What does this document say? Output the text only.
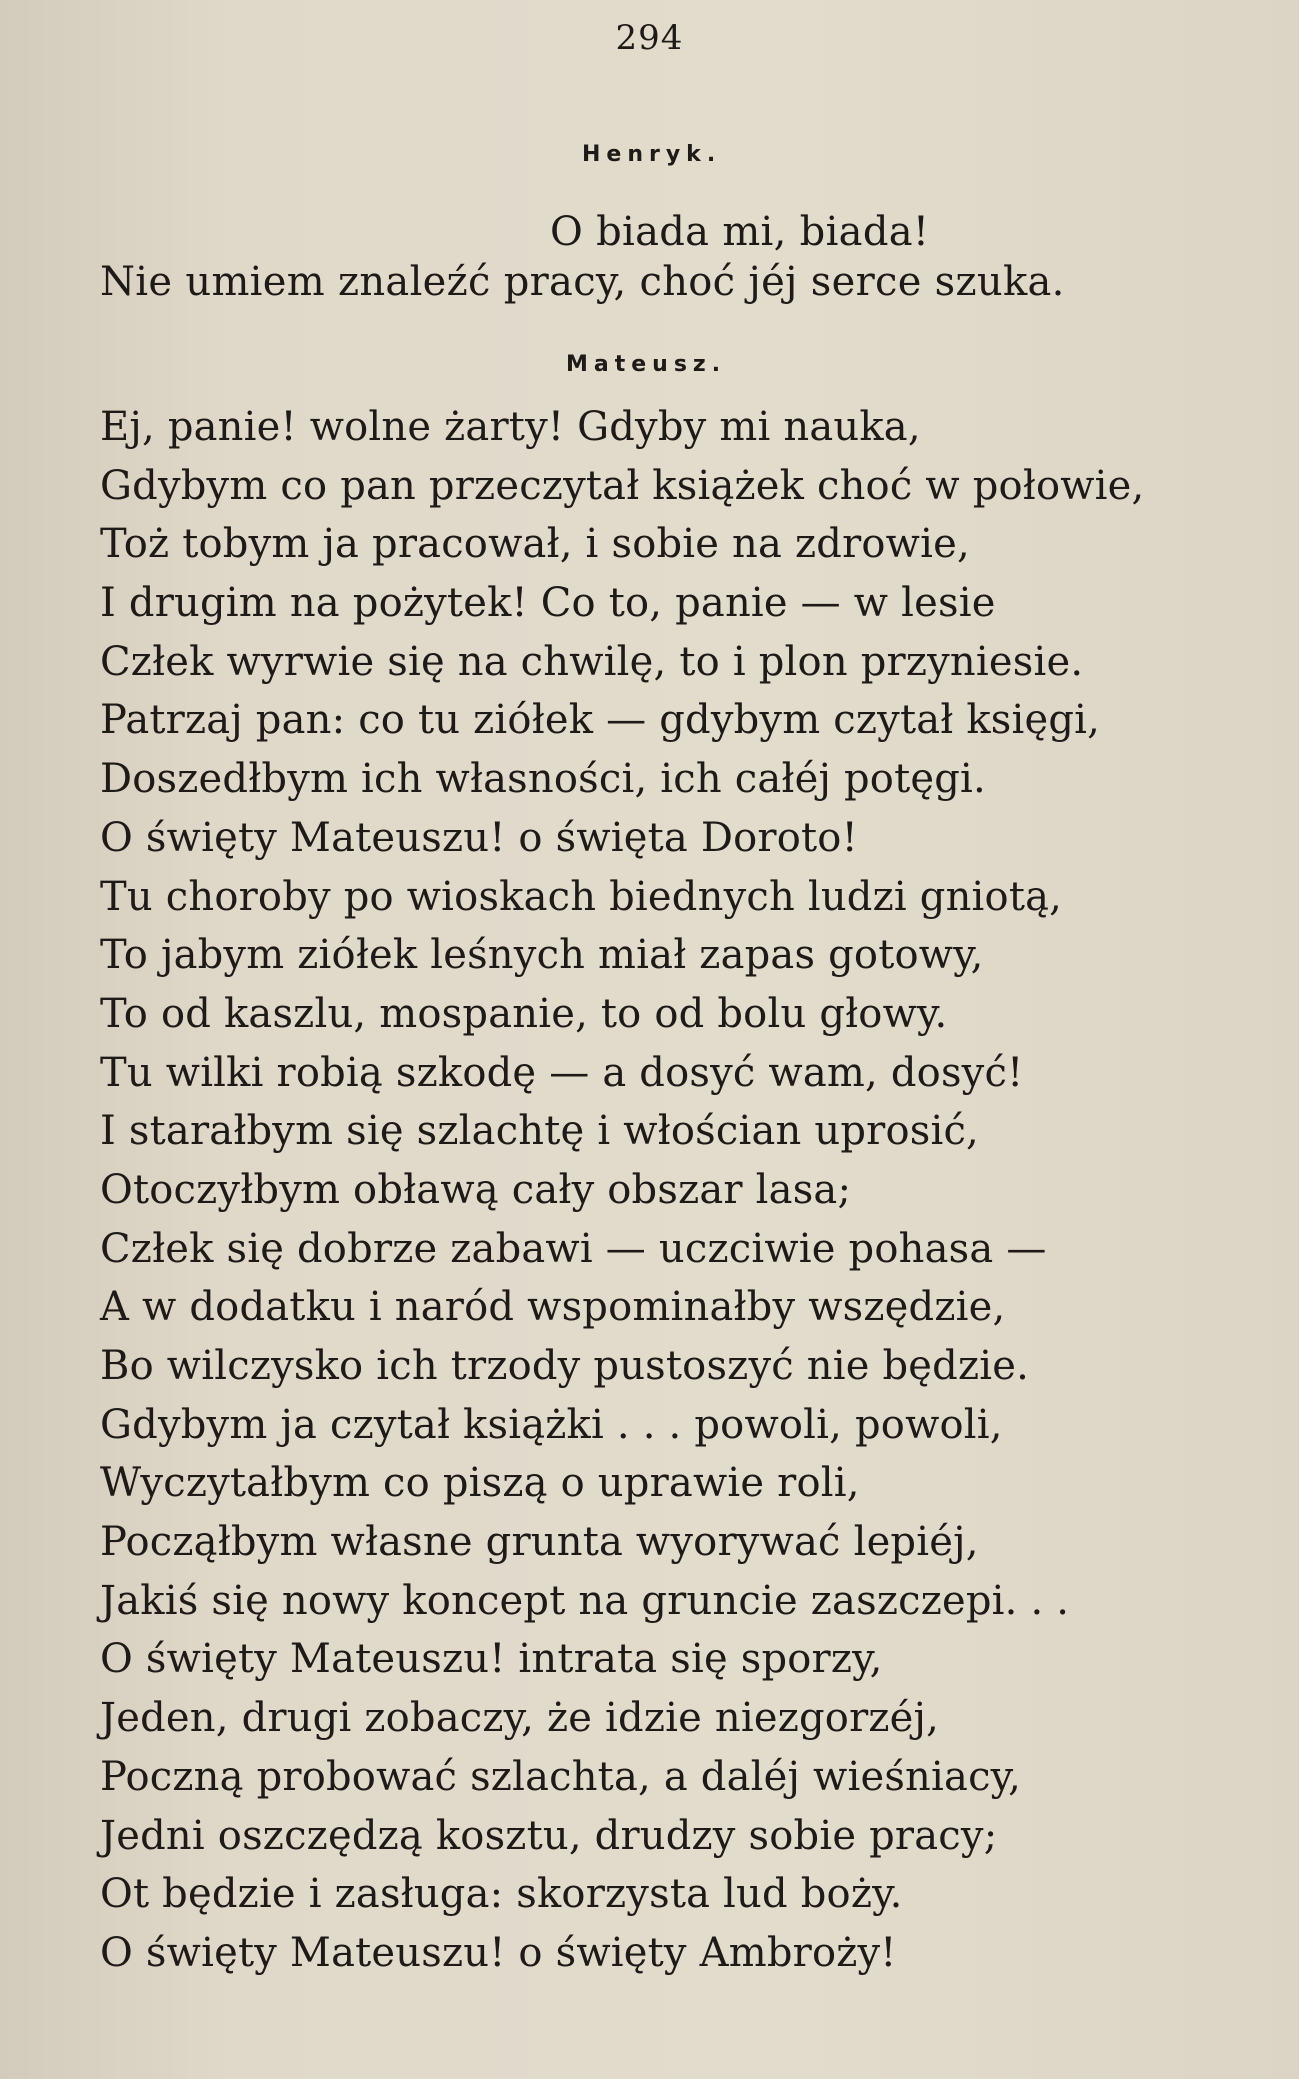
294
Henryk.
O biada mi, biada!
Nie umiem znaleźć pracy, choć jéj serce szuka.
Mateusz.
Ej, panie! wolne żarty! Gdyby mi nauka,
Gdybym co pan przeczytał książek choć w połowie,
Toż tobym ja pracował, i sobie na zdrowie,
I drugim na pożytek! Co to, panie — w lesie
Człek wyrwie się na chwilę, to i plon przyniesie.
Patrzaj pan: co tu ziółek — gdybym czytał księgi,
Doszedłbym ich własności, ich całéj potęgi.
O święty Mateuszu! o święta Doroto!
Tu choroby po wioskach biednych ludzi gniotą,
To jabym ziółek leśnych miał zapas gotowy,
To od kaszlu, mospanie, to od bolu głowy.
Tu wilki robią szkodę — a dosyć wam, dosyć!
I starałbym się szlachtę i włościan uprosić,
Otoczyłbym obławą cały obszar lasa;
Człek się dobrze zabawi — uczciwie pohasa —
A w dodatku i naród wspominałby wszędzie,
Bo wilczysko ich trzody pustoszyć nie będzie.
Gdybym ja czytał książki . . . powoli, powoli,
Wyczytałbym co piszą o uprawie roli,
Począłbym własne grunta wyorywać lepiéj,
Jakiś się nowy koncept na gruncie zaszczepi. . .
O święty Mateuszu! intrata się sporzy,
Jeden, drugi zobaczy, że idzie niezgorzéj,
Poczną probować szlachta, a daléj wieśniacy,
Jedni oszczędzą kosztu, drudzy sobie pracy;
Ot będzie i zasługa: skorzysta lud boży.
O święty Mateuszu! o święty Ambroży!
